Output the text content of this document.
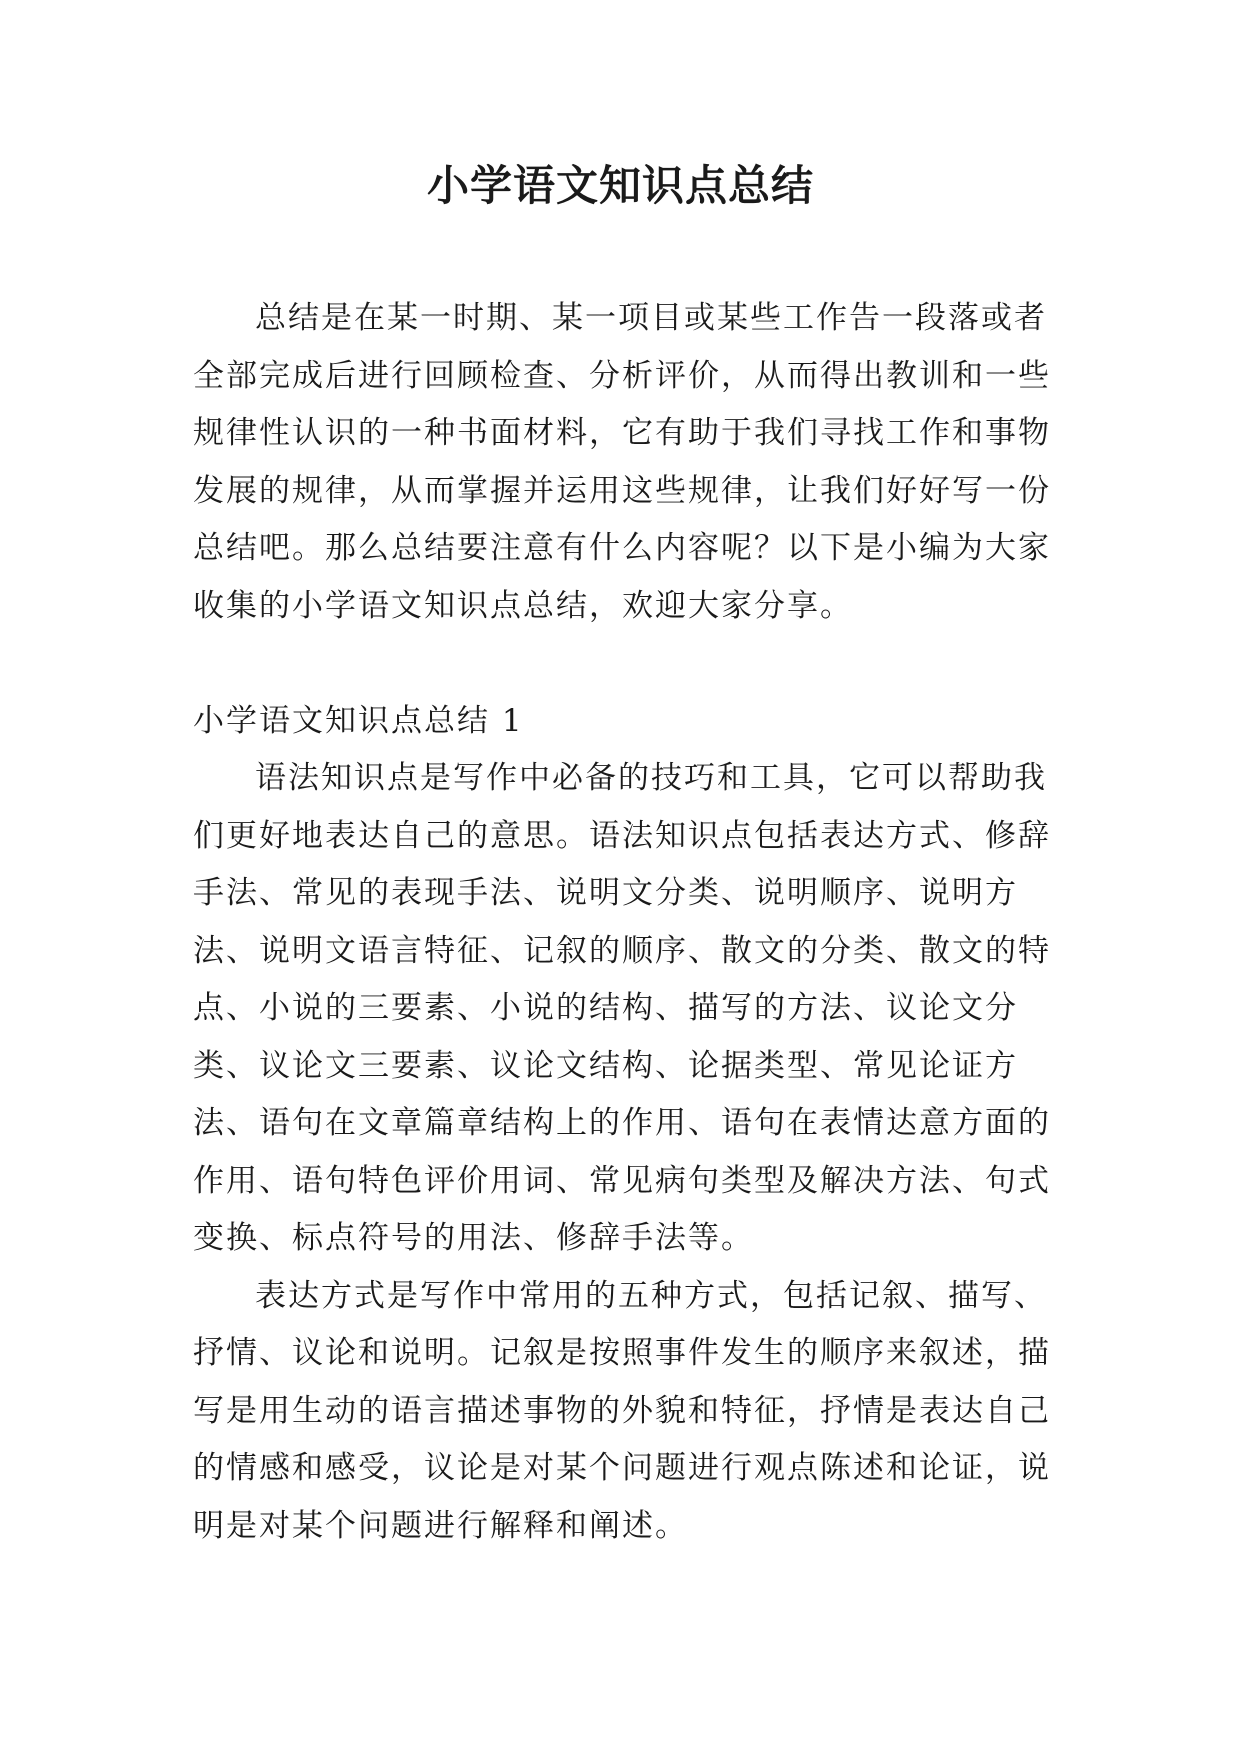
小学语文知识点总结

总结是在某一时期、某一项目或某些工作告一段落或者全部完成后进行回顾检查、分析评价，从而得出教训和一些规律性认识的一种书面材料，它有助于我们寻找工作和事物发展的规律，从而掌握并运用这些规律，让我们好好写一份总结吧。那么总结要注意有什么内容呢？以下是小编为大家收集的小学语文知识点总结，欢迎大家分享。

小学语文知识点总结 1

语法知识点是写作中必备的技巧和工具，它可以帮助我们更好地表达自己的意思。语法知识点包括表达方式、修辞手法、常见的表现手法、说明文分类、说明顺序、说明方法、说明文语言特征、记叙的顺序、散文的分类、散文的特点、小说的三要素、小说的结构、描写的方法、议论文分类、议论文三要素、议论文结构、论据类型、常见论证方法、语句在文章篇章结构上的作用、语句在表情达意方面的作用、语句特色评价用词、常见病句类型及解决方法、句式变换、标点符号的用法、修辞手法等。

表达方式是写作中常用的五种方式，包括记叙、描写、抒情、议论和说明。记叙是按照事件发生的顺序来叙述，描写是用生动的语言描述事物的外貌和特征，抒情是表达自己的情感和感受，议论是对某个问题进行观点陈述和论证，说明是对某个问题进行解释和阐述。
